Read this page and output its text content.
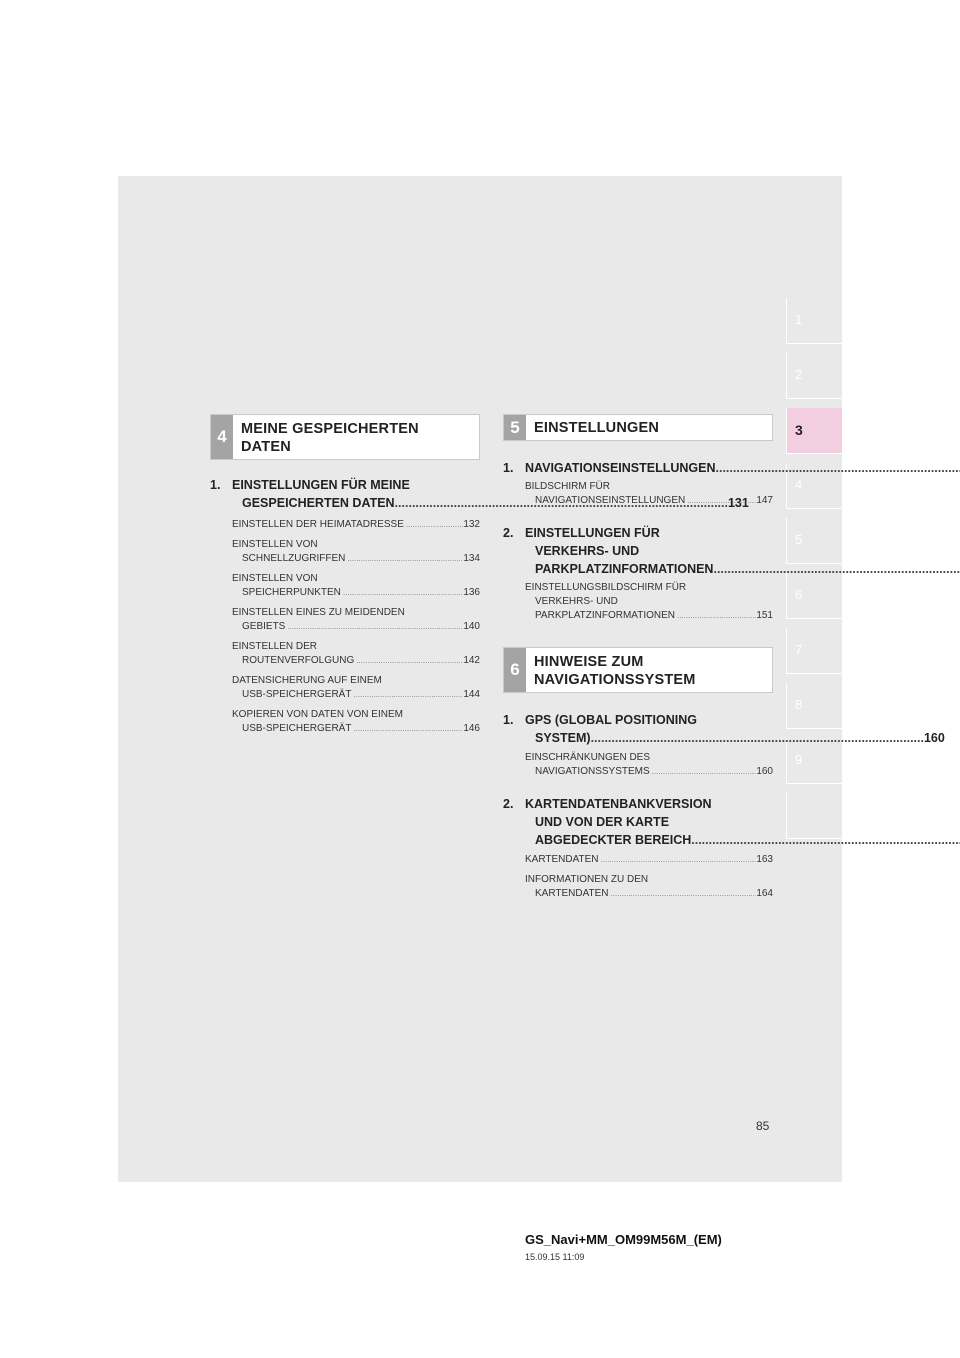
1
2
3
4
5
6
7
8
9
4 MEINE GESPEICHERTEN
DATEN
1. EINSTELLUNGEN FÜR MEINE
GESPEICHERTEN DATEN .....	131
EINSTELLEN DER HEIMATADRESSE .....	132
EINSTELLEN VON
SCHNELLZUGRIFFEN .....	134
EINSTELLEN VON
SPEICHERPUNKTEN .....	136
EINSTELLEN EINES ZU MEIDENDEN
GEBIETS .....	140
EINSTELLEN DER
ROUTENVERFOLGUNG .....	142
DATENSICHERUNG AUF EINEM
USB-SPEICHERGERÄT .....	144
KOPIEREN VON DATEN VON EINEM
USB-SPEICHERGERÄT .....	146
5 EINSTELLUNGEN
1. NAVIGATIONSEINSTELLUNGEN
.....
BILDSCHIRM FÜR
NAVIGATIONSEINSTELLUNGEN .....	147
2. EINSTELLUNGEN FÜR
VERKEHRS- UND
PARKPLATZINFORMATIONEN
.....
EINSTELLUNGSBILDSCHIRM FÜR
VERKEHRS- UND
PARKPLATZINFORMATIONEN .....	151
6 HINWEISE ZUM
NAVIGATIONSSYSTEM
1. GPS (GLOBAL POSITIONING
SYSTEM) .....	160
EINSCHRÄNKUNGEN DES
NAVIGATIONSSYSTEMS .....	160
2. KARTENDATENBANKVERSION
UND VON DER KARTE
ABGEDECKTER BEREICH
.....
KARTENDATEN .....	163
INFORMATIONEN ZU DEN
KARTENDATEN .....	164
85
GS_Navi+MM_OM99M56M_(EM)
15.09.15 11:09
